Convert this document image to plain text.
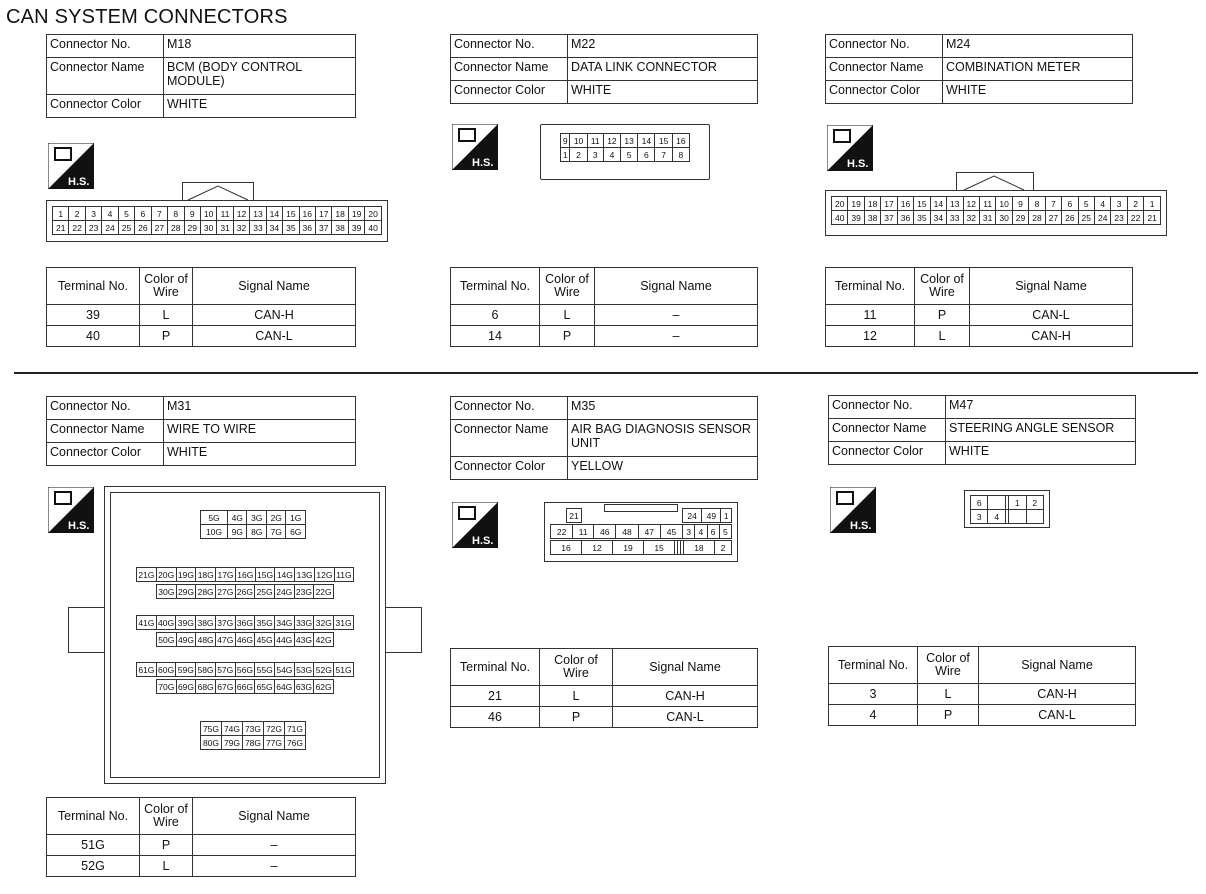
CAN SYSTEM CONNECTORS
Connector No.	M18
Connector Name	BCM (BODY CONTROL MODULE)
Connector Color	WHITE
H.S.
1	2	3	4	5	6	7	8	9	10	11	12	13	14	15	16	17	18	19	20
21	22	23	24	25	26	27	28	29	30	31	32	33	34	35	36	37	38	39	40
Terminal No.	Color of Wire	Signal Name
39	L	CAN-H
40	P	CAN-L
Connector No.	M22
Connector Name	DATA LINK CONNECTOR
Connector Color	WHITE
H.S.
9	10	11	12	13	14	15	16
1	2	3	4	5	6	7	8
Terminal No.	Color of Wire	Signal Name
6	L	–
14	P	–
Connector No.	M24
Connector Name	COMBINATION METER
Connector Color	WHITE
H.S.
20	19	18	17	16	15	14	13	12	11	10	9	8	7	6	5	4	3	2	1
40	39	38	37	36	35	34	33	32	31	30	29	28	27	26	25	24	23	22	21
Terminal No.	Color of Wire	Signal Name
11	P	CAN-L
12	L	CAN-H
Connector No.	M31
Connector Name	WIRE TO WIRE
Connector Color	WHITE
H.S.
5G	4G	3G	2G	1G
10G	9G	8G	7G	6G
21G	20G	19G	18G	17G	16G	15G	14G	13G	12G	11G
30G	29G	28G	27G	26G	25G	24G	23G	22G
41G	40G	39G	38G	37G	36G	35G	34G	33G	32G	31G
50G	49G	48G	47G	46G	45G	44G	43G	42G
61G	60G	59G	58G	57G	56G	55G	54G	53G	52G	51G
70G	69G	68G	67G	66G	65G	64G	63G	62G
75G	74G	73G	72G	71G
80G	79G	78G	77G	76G
Terminal No.	Color of Wire	Signal Name
51G	P	–
52G	L	–
Connector No.	M35
Connector Name	AIR BAG DIAGNOSIS SENSOR UNIT
Connector Color	YELLOW
H.S.
21	24	49	1
22	11	46	48	47	45	3	4	6	5
16	12	19	15				18	2
Terminal No.	Color of Wire	Signal Name
21	L	CAN-H
46	P	CAN-L
Connector No.	M47
Connector Name	STEERING ANGLE SENSOR
Connector Color	WHITE
H.S.
6			1	2
3	4			
Terminal No.	Color of Wire	Signal Name
3	L	CAN-H
4	P	CAN-L
